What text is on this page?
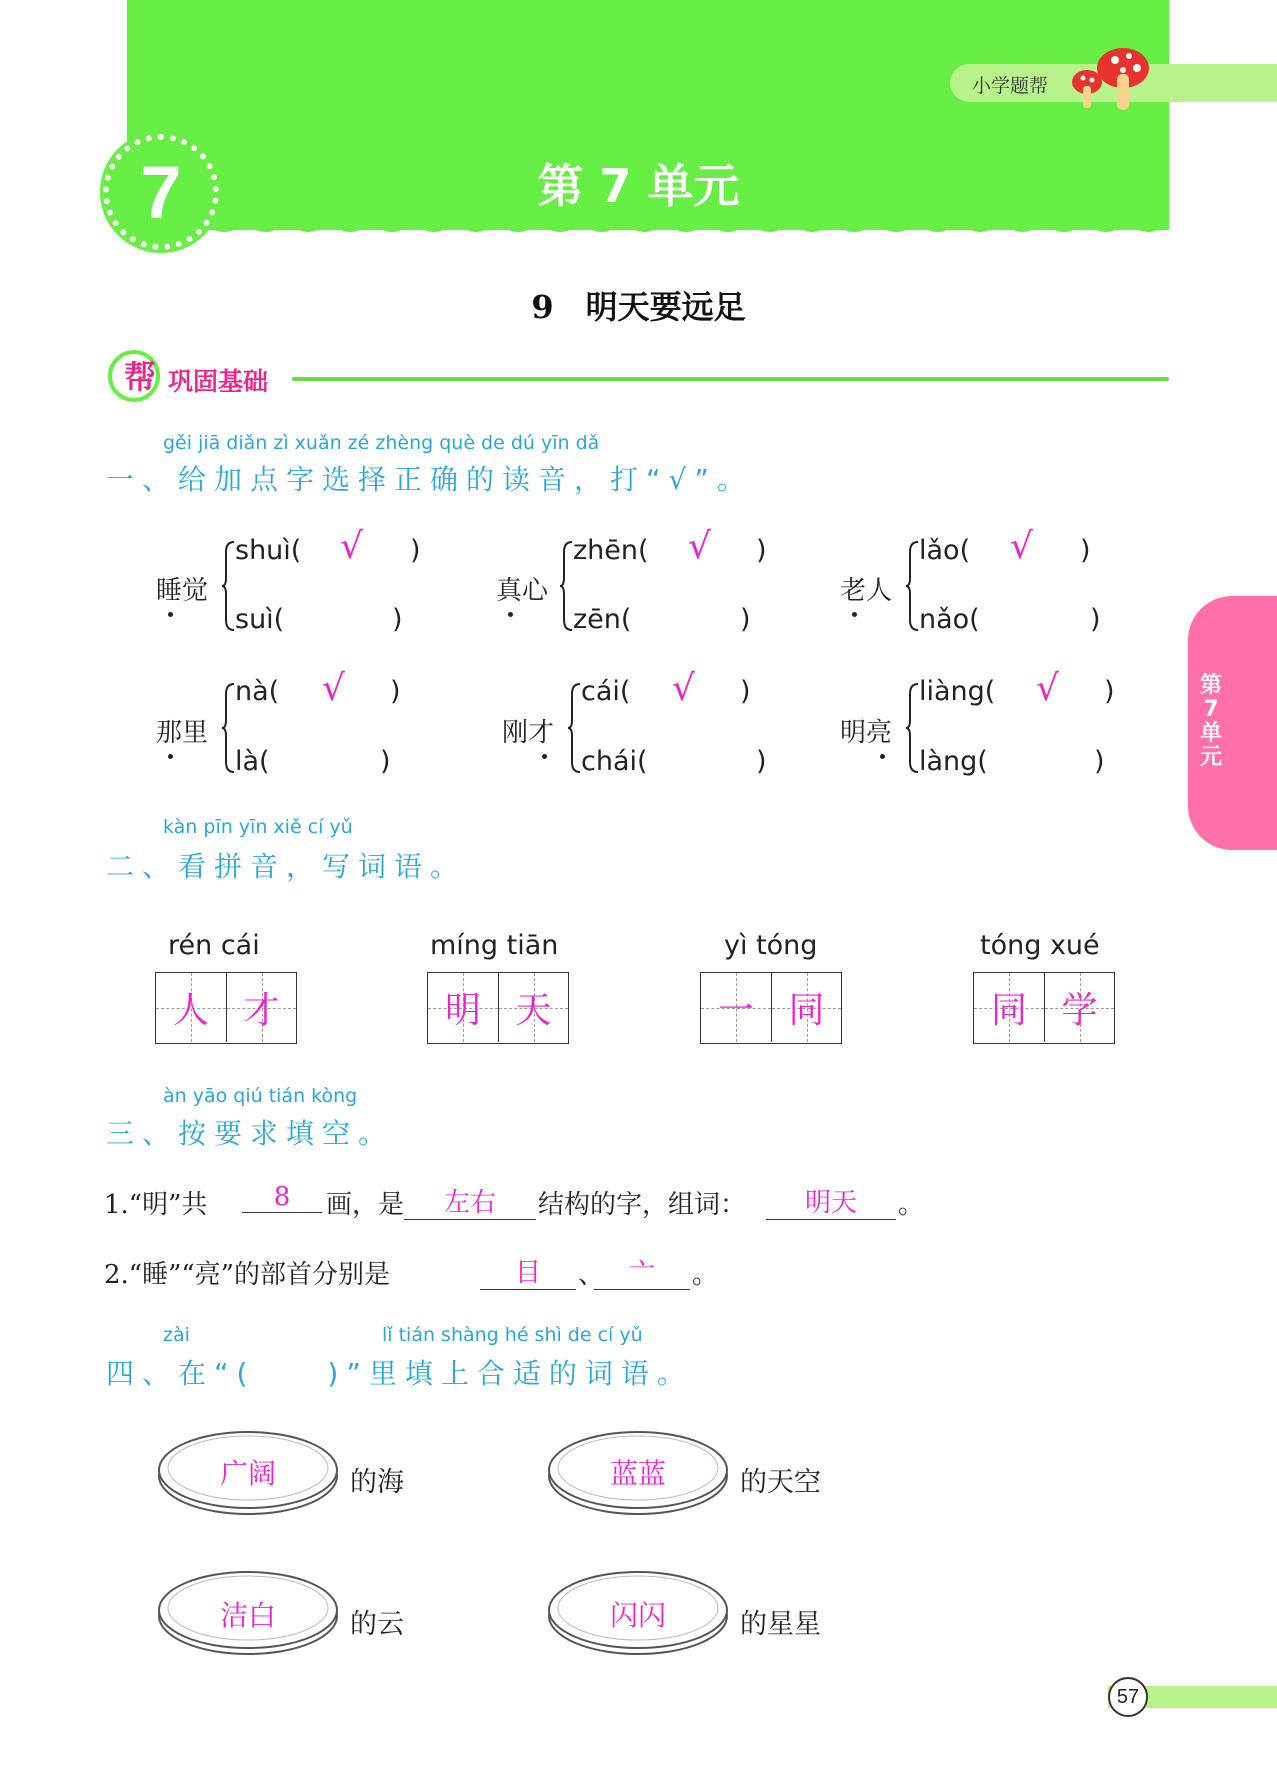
小学题帮
7	第 7 单元
9　明天要远足
帮 巩固基础
gěi jiā diǎn zì xuǎn zé zhèng què de dú yīn dǎ
一、给加点字选择正确的读音，打“√”。
睡觉
shuì( √ )
suì(	)
真心
zhēn( √ )
zēn(	)
老人
lǎo( √ )
nǎo(	)
那里
nà( √ )
là(	)
刚才
cái( √ )
chái(	)
明亮
liàng( √ )
làng(	)
kàn pīn yīn xiě cí yǔ
二、看拼音，写词语。
rén cái
人 才
míng tiān
明 天
yì tóng
一 同
tóng xué
同 学
àn yāo qiú tián kòng
三、按要求填空。
1.“明”共	8	画，是	左右	结构的字，组词：	明天	。
2.“睡”“亮”的部首分别是	目	、 亠	。
zài	lǐ tián shàng hé shì de cí yǔ
四、在“(　　)”里填上合适的词语。
广阔	的海	蓝蓝	的天空
洁白	的云	闪闪	的星星
第7单元
57
